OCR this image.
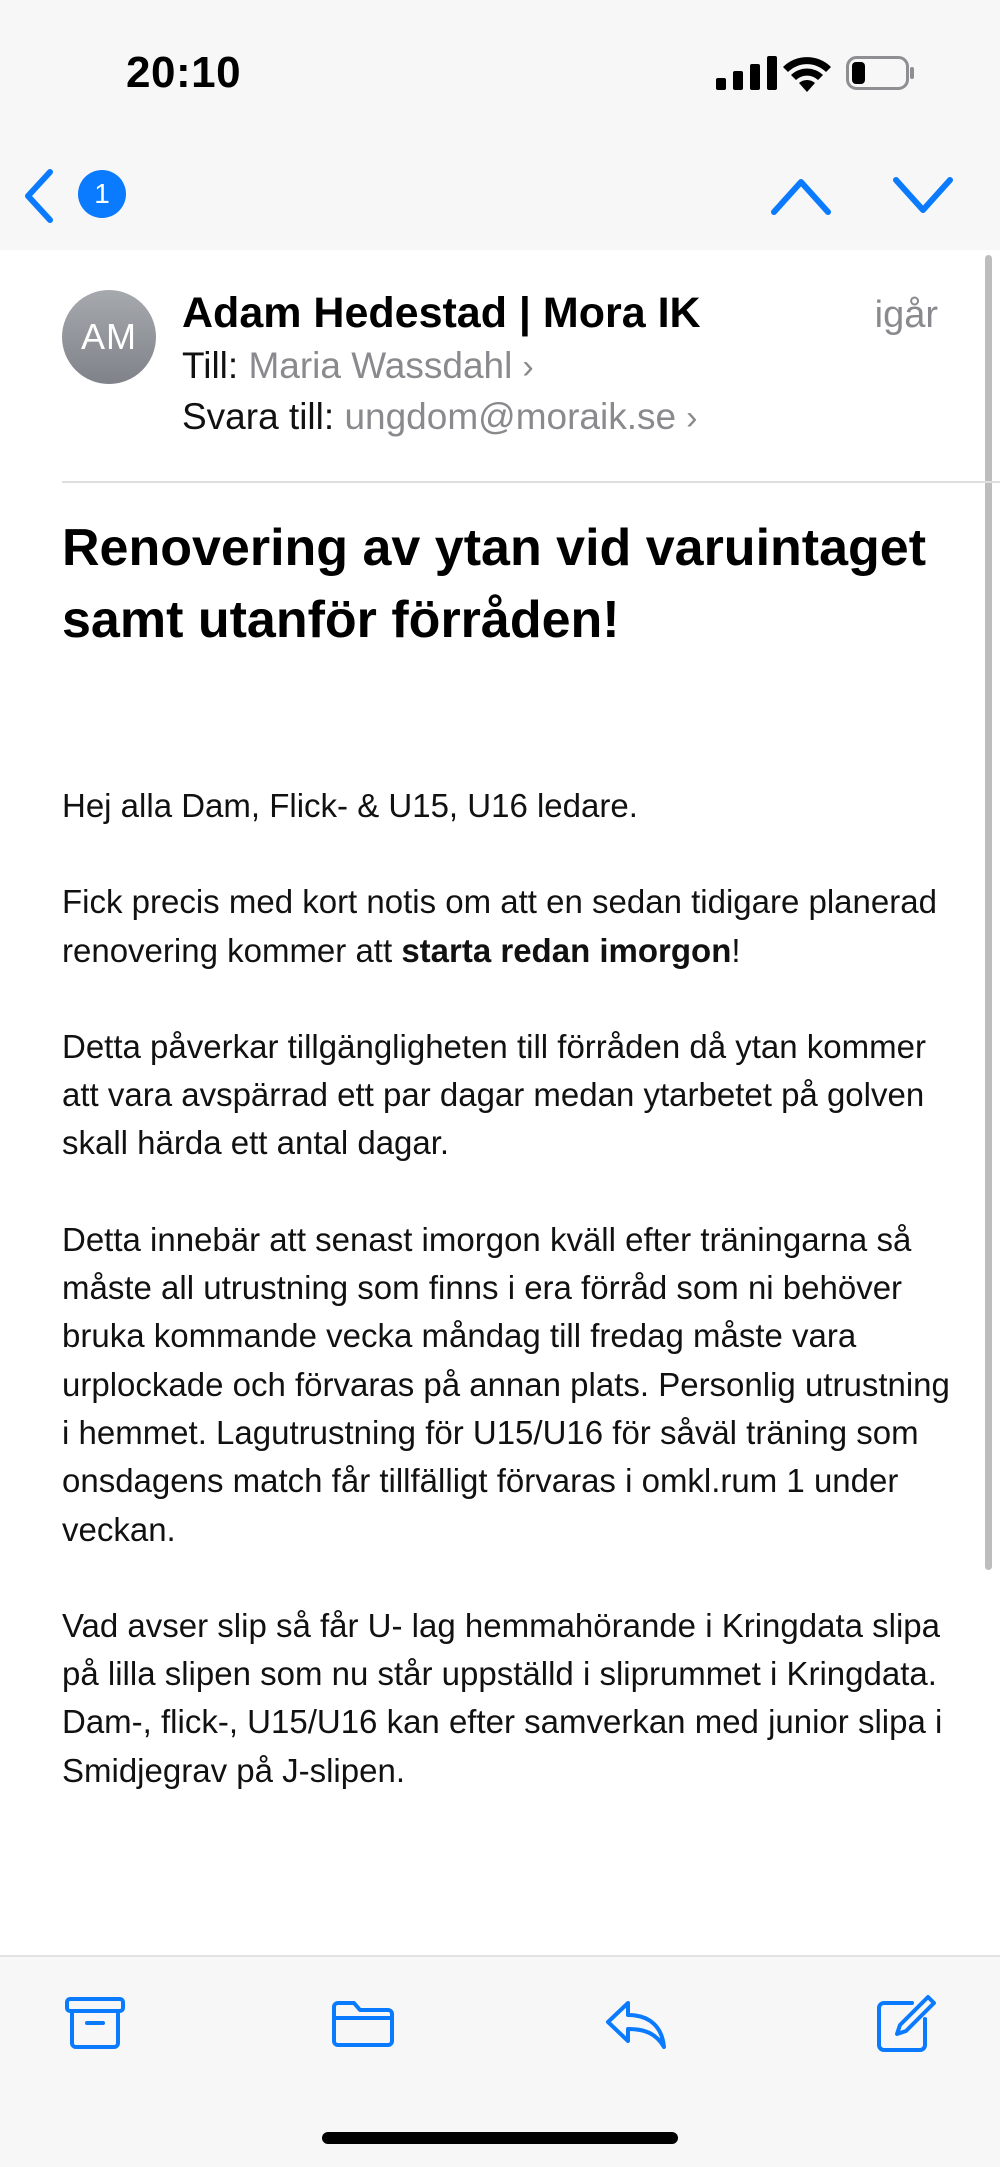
20:10
1
AM	Adam Hedestad | Mora IK	igår
Till: Maria Wassdahl ›
Svara till: ungdom@moraik.se ›
Renovering av ytan vid varuintaget samt utanför förråden!

Hej alla Dam, Flick- & U15, U16 ledare.

Fick precis med kort notis om att en sedan tidigare planerad renovering kommer att starta redan imorgon!

Detta påverkar tillgängligheten till förråden då ytan kommer att vara avspärrad ett par dagar medan ytarbetet på golven skall härda ett antal dagar.

Detta innebär att senast imorgon kväll efter träningarna så måste all utrustning som finns i era förråd som ni behöver bruka kommande vecka måndag till fredag måste vara urplockade och förvaras på annan plats. Personlig utrustning i hemmet. Lagutrustning för U15/U16 för såväl träning som onsdagens match får tillfälligt förvaras i omkl.rum 1 under veckan.

Vad avser slip så får U- lag hemmahörande i Kringdata slipa på lilla slipen som nu står uppställd i sliprummet i Kringdata. Dam-, flick-, U15/U16 kan efter samverkan med junior slipa i Smidjegrav på J-slipen.
